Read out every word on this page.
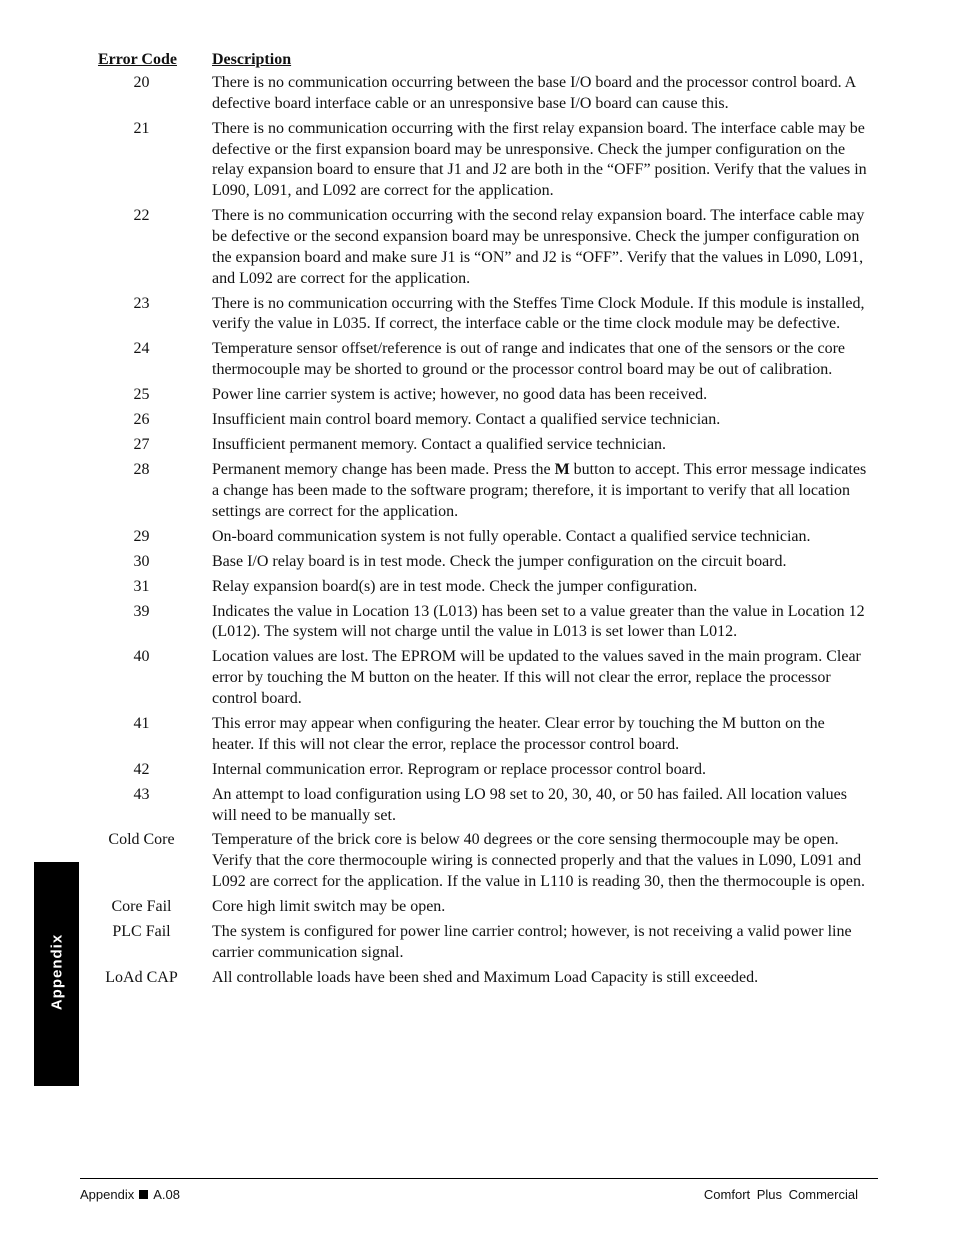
Error Code	Description
20	There is no communication occurring between the base I/O board and the processor control board. A defective board interface cable or an unresponsive base I/O board can cause this.
21	There is no communication occurring with the first relay expansion board. The interface cable may be defective or the first expansion board may be unresponsive. Check the jumper configuration on the relay expansion board to ensure that J1 and J2 are both in the “OFF” position. Verify that the values in L090, L091, and L092 are correct for the application.
22	There is no communication occurring with the second relay expansion board. The interface cable may be defective or the second expansion board may be unresponsive. Check the jumper configuration on the expansion board and make sure J1 is “ON” and J2 is “OFF”. Verify that the values in L090, L091, and L092 are correct for the application.
23	There is no communication occurring with the Steffes Time Clock Module. If this module is installed, verify the value in L035. If correct, the interface cable or the time clock module may be defective.
24	Temperature sensor offset/reference is out of range and indicates that one of the sensors or the core thermocouple may be shorted to ground or the processor control board may be out of calibration.
25	Power line carrier system is active; however, no good data has been received.
26	Insufficient main control board memory. Contact a qualified service technician.
27	Insufficient permanent memory. Contact a qualified service technician.
28	Permanent memory change has been made. Press the M button to accept. This error message indicates a change has been made to the software program; therefore, it is important to verify that all location settings are correct for the application.
29	On-board communication system is not fully operable. Contact a qualified service technician.
30	Base I/O relay board is in test mode. Check the jumper configuration on the circuit board.
31	Relay expansion board(s) are in test mode. Check the jumper configuration.
39	Indicates the value in Location 13 (L013) has been set to a value greater than the value in Location 12 (L012). The system will not charge until the value in L013 is set lower than L012.
40	Location values are lost. The EPROM will be updated to the values saved in the main program. Clear error by touching the M button on the heater. If this will not clear the error, replace the processor control board.
41	This error may appear when configuring the heater. Clear error by touching the M button on the heater. If this will not clear the error, replace the processor control board.
42	Internal communication error. Reprogram or replace processor control board.
43	An attempt to load configuration using LO 98 set to 20, 30, 40, or 50 has failed. All location values will need to be manually set.
Cold Core	Temperature of the brick core is below 40 degrees or the core sensing thermocouple may be open. Verify that the core thermocouple wiring is connected properly and that the values in L090, L091 and L092 are correct for the application. If the value in L110 is reading 30, then the thermocouple is open.
Core Fail	Core high limit switch may be open.
PLC Fail	The system is configured for power line carrier control; however, is not receiving a valid power line carrier communication signal.
LoAd CAP	All controllable loads have been shed and Maximum Load Capacity is still exceeded.
Appendix
Appendix A.08	Comfort Plus Commercial
